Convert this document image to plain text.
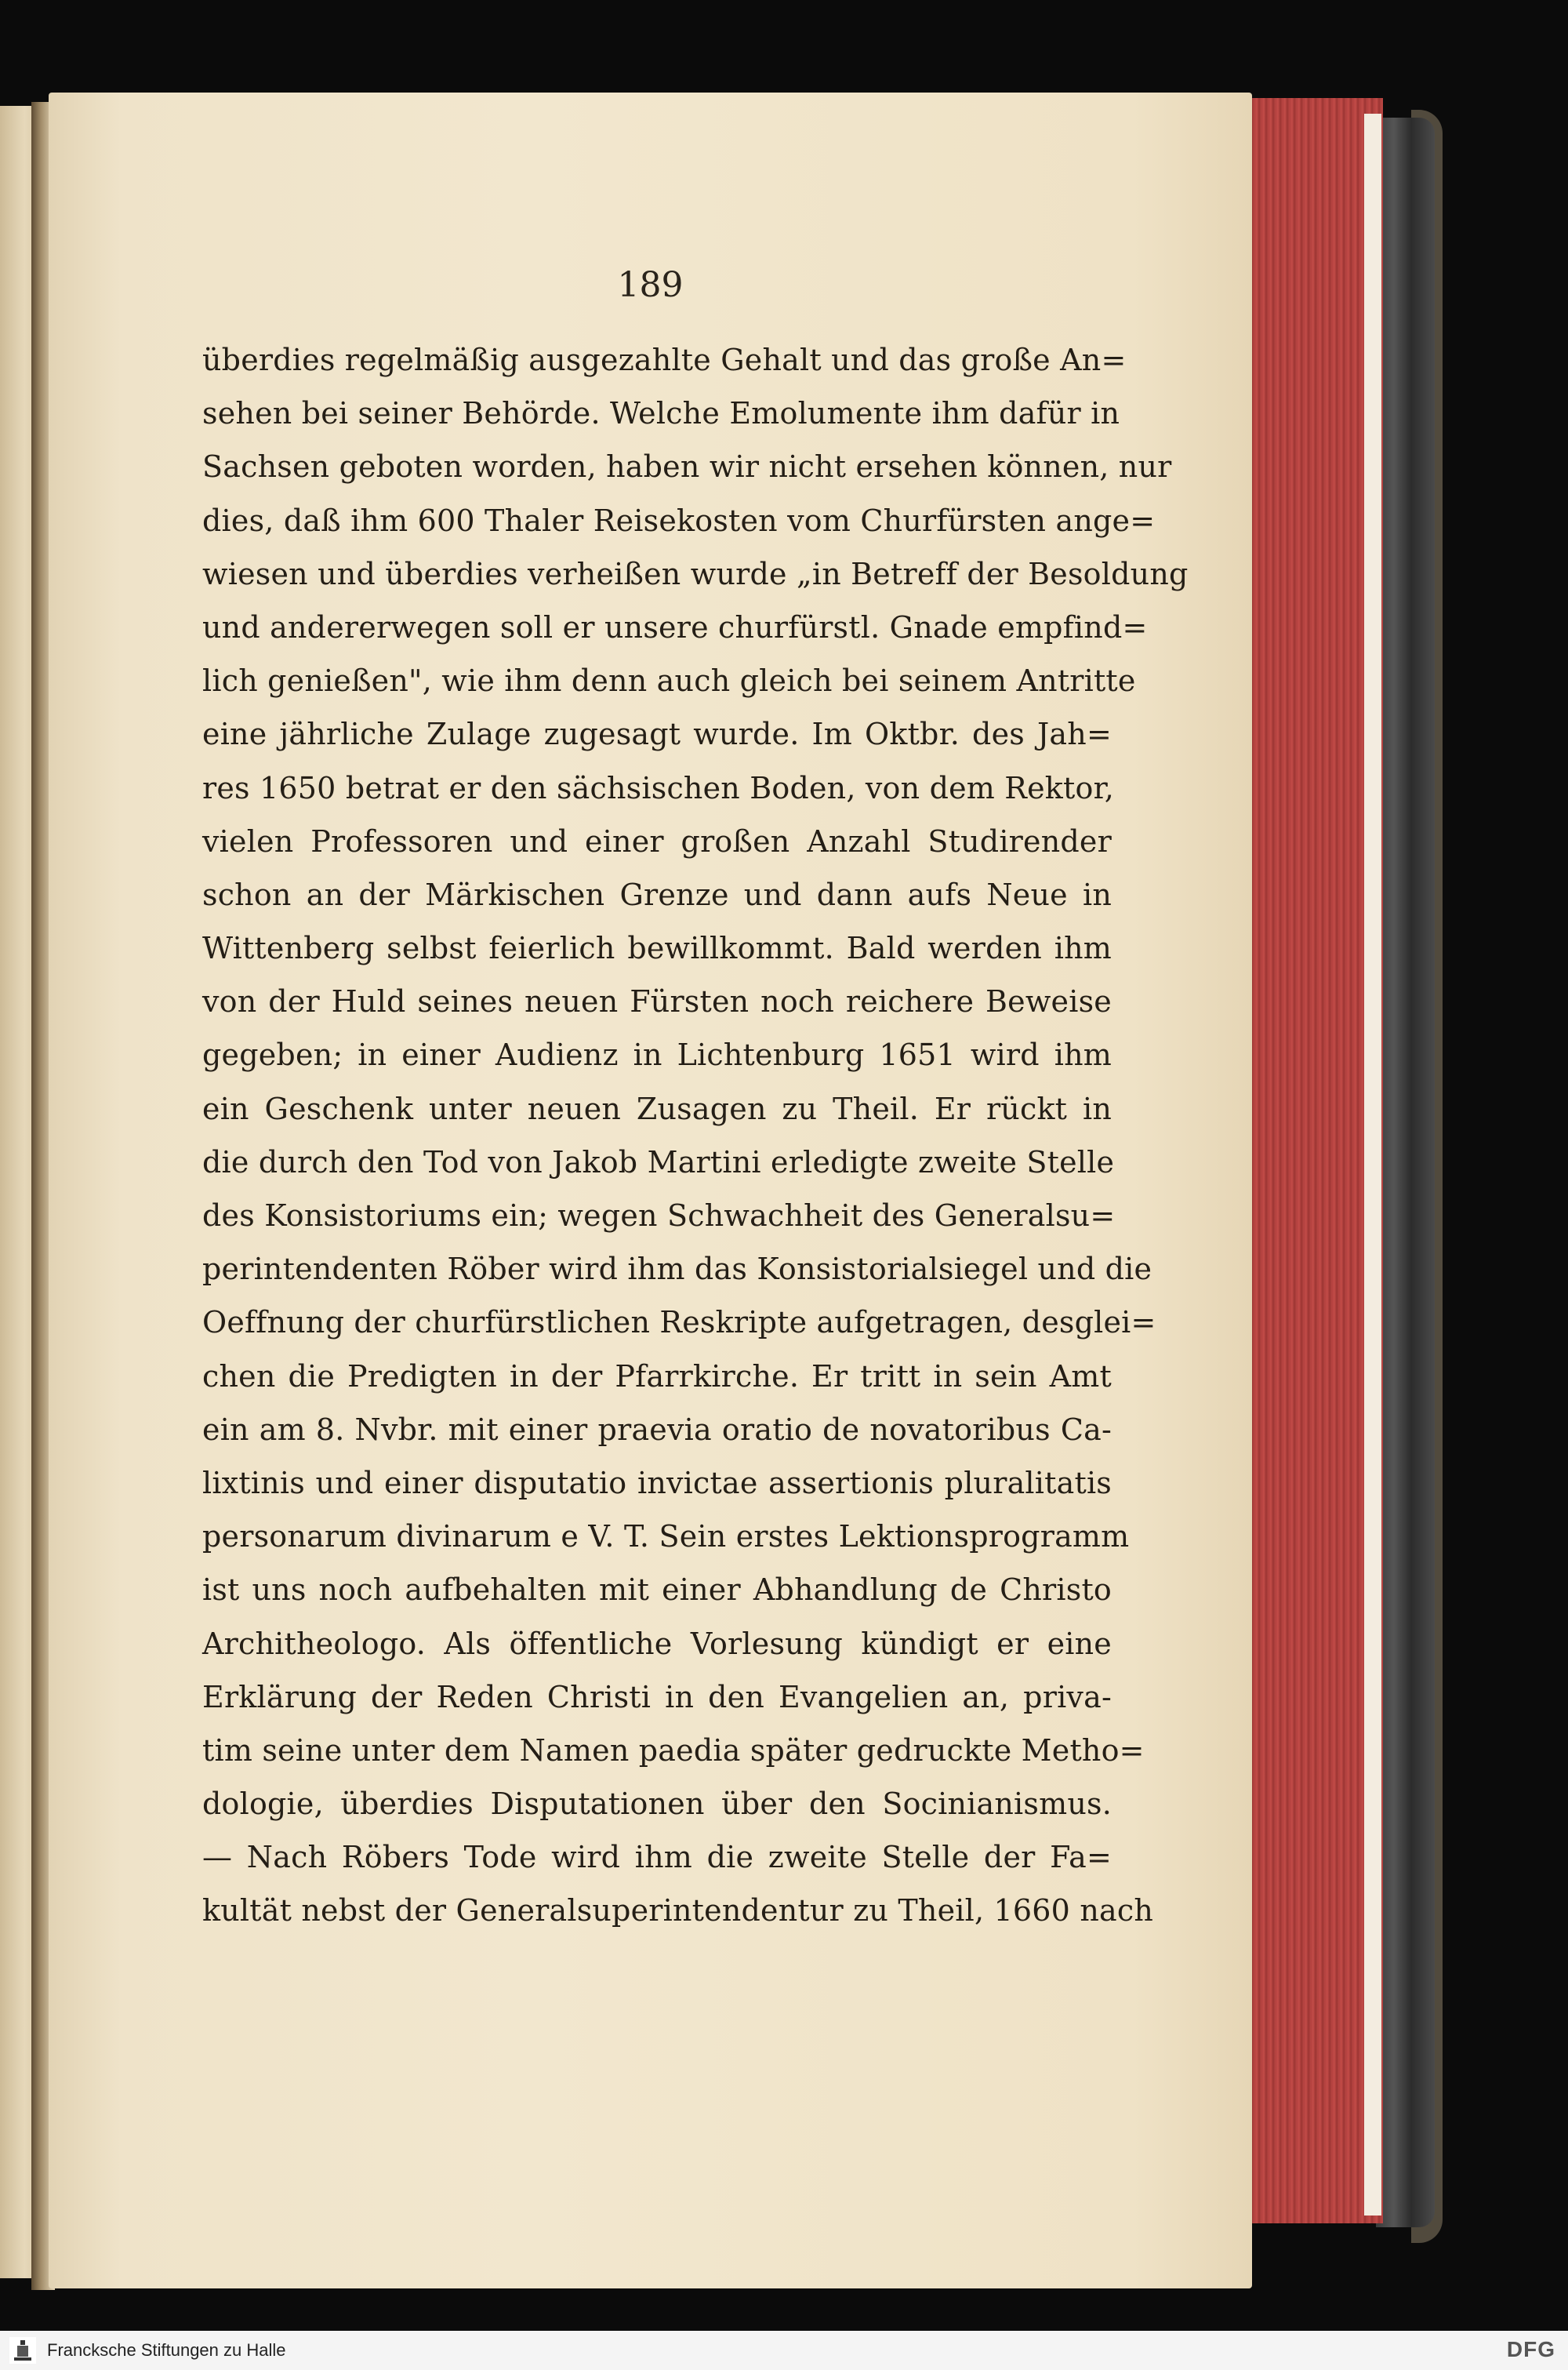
189
überdies regelmäßig ausgezahlte Gehalt und das große An=
sehen bei seiner Behörde. Welche Emolumente ihm dafür in
Sachsen geboten worden, haben wir nicht ersehen können, nur
dies, daß ihm 600 Thaler Reisekosten vom Churfürsten ange=
wiesen und überdies verheißen wurde „in Betreff der Besoldung
und andererwegen soll er unsere churfürstl. Gnade empfind=
lich genießen", wie ihm denn auch gleich bei seinem Antritte
eine jährliche Zulage zugesagt wurde. Im Oktbr. des Jah=
res 1650 betrat er den sächsischen Boden, von dem Rektor,
vielen Professoren und einer großen Anzahl Studirender
schon an der Märkischen Grenze und dann aufs Neue in
Wittenberg selbst feierlich bewillkommt. Bald werden ihm
von der Huld seines neuen Fürsten noch reichere Beweise
gegeben; in einer Audienz in Lichtenburg 1651 wird ihm
ein Geschenk unter neuen Zusagen zu Theil. Er rückt in
die durch den Tod von Jakob Martini erledigte zweite Stelle
des Konsistoriums ein; wegen Schwachheit des Generalsu=
perintendenten Röber wird ihm das Konsistorialsiegel und die
Oeffnung der churfürstlichen Reskripte aufgetragen, desglei=
chen die Predigten in der Pfarrkirche. Er tritt in sein Amt
ein am 8. Nvbr. mit einer praevia oratio de novatoribus Ca-
lixtinis und einer disputatio invictae assertionis pluralitatis
personarum divinarum e V. T. Sein erstes Lektionsprogramm
ist uns noch aufbehalten mit einer Abhandlung de Christo
Architheologo. Als öffentliche Vorlesung kündigt er eine
Erklärung der Reden Christi in den Evangelien an, priva-
tim seine unter dem Namen paedia später gedruckte Metho=
dologie, überdies Disputationen über den Socinianismus.
— Nach Röbers Tode wird ihm die zweite Stelle der Fa=
kultät nebst der Generalsuperintendentur zu Theil, 1660 nach
Francksche Stiftungen zu Halle	DFG
